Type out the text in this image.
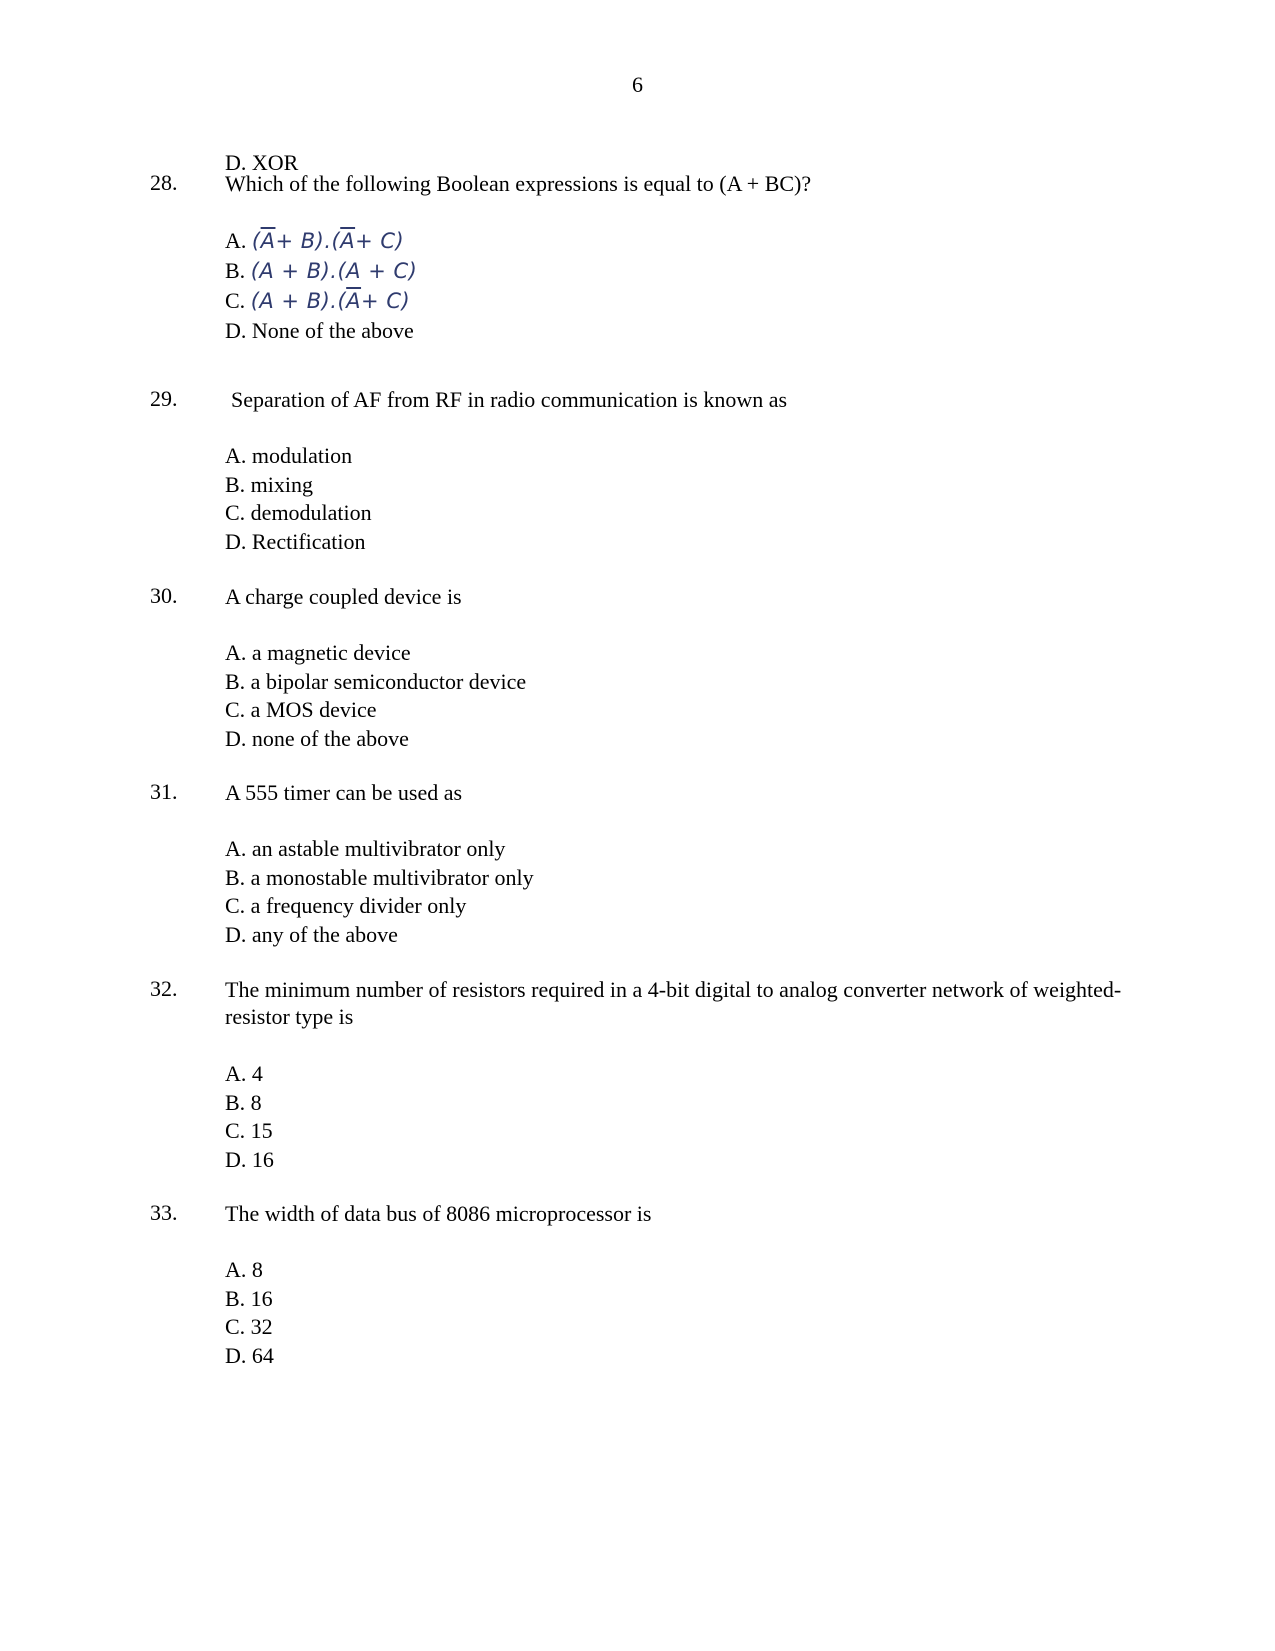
6
D. XOR
28. Which of the following Boolean expressions is equal to (A + BC)?
A. $(\overline{A}+ B).(\overline{A}+ C)$
B. (A + B).(A + C)
C. $(A + B).(\overline{A}+ C)$
D. None of the above
29. Separation of AF from RF in radio communication is known as
A. modulation
B. mixing
C. demodulation
D. Rectification
30. A charge coupled device is
A. a magnetic device
B. a bipolar semiconductor device
C. a MOS device
D. none of the above
31. A 555 timer can be used as
A. an astable multivibrator only
B. a monostable multivibrator only
C. a frequency divider only
D. any of the above
32. The minimum number of resistors required in a 4-bit digital to analog converter network of weighted-resistor type is
A. 4
B. 8
C. 15
D. 16
33. The width of data bus of 8086 microprocessor is
A. 8
B. 16
C. 32
D. 64
